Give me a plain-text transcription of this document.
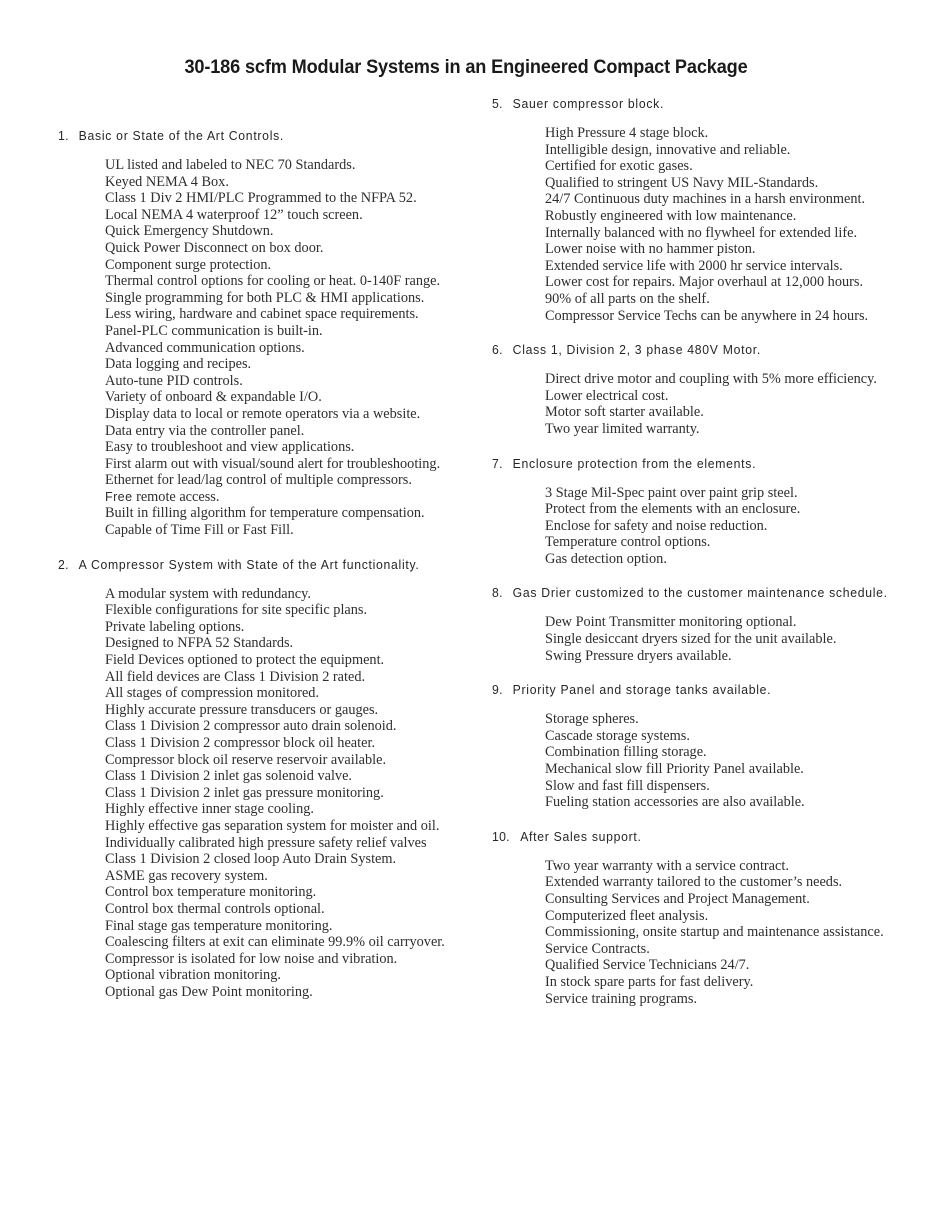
30-186 scfm Modular Systems in an Engineered Compact Package
1. Basic or State of the Art Controls.
UL listed and labeled to NEC 70 Standards.
Keyed NEMA 4 Box.
Class 1 Div 2 HMI/PLC Programmed to the NFPA 52.
Local NEMA 4 waterproof 12” touch screen.
Quick Emergency Shutdown.
Quick Power Disconnect on box door.
Component surge protection.
Thermal control options for cooling or heat. 0-140F range.
Single programming for both PLC & HMI applications.
Less wiring, hardware and cabinet space requirements.
Panel-PLC communication is built-in.
Advanced communication options.
Data logging and recipes.
Auto-tune PID controls.
Variety of onboard & expandable I/O.
Display data to local or remote operators via a website.
Data entry via the controller panel.
Easy to troubleshoot and view applications.
First alarm out with visual/sound alert for troubleshooting.
Ethernet for lead/lag control of multiple compressors.
Free remote access.
Built in filling algorithm for temperature compensation.
Capable of Time Fill or Fast Fill.
2. A Compressor System with State of the Art functionality.
A modular system with redundancy.
Flexible configurations for site specific plans.
Private labeling options.
Designed to NFPA 52 Standards.
Field Devices optioned to protect the equipment.
All field devices are Class 1 Division 2 rated.
All stages of compression monitored.
Highly accurate pressure transducers or gauges.
Class 1 Division 2 compressor auto drain solenoid.
Class 1 Division 2 compressor block oil heater.
Compressor block oil reserve reservoir available.
Class 1 Division 2 inlet gas solenoid valve.
Class 1 Division 2 inlet gas pressure monitoring.
Highly effective inner stage cooling.
Highly effective gas separation system for moister and oil.
Individually calibrated high pressure safety relief valves
Class 1 Division 2 closed loop Auto Drain System.
ASME gas recovery system.
Control box temperature monitoring.
Control box thermal controls optional.
Final stage gas temperature monitoring.
Coalescing filters at exit can eliminate 99.9% oil carryover.
Compressor is isolated for low noise and vibration.
Optional vibration monitoring.
Optional gas Dew Point monitoring.
5. Sauer compressor block.
High Pressure 4 stage block.
Intelligible design, innovative and reliable.
Certified for exotic gases.
Qualified to stringent US Navy MIL-Standards.
24/7 Continuous duty machines in a harsh environment.
Robustly engineered with low maintenance.
Internally balanced with no flywheel for extended life.
Lower noise with no hammer piston.
Extended service life with 2000 hr service intervals.
Lower cost for repairs. Major overhaul at 12,000 hours.
90% of all parts on the shelf.
Compressor Service Techs can be anywhere in 24 hours.
6. Class 1, Division 2, 3 phase 480V Motor.
Direct drive motor and coupling with 5% more efficiency.
Lower electrical cost.
Motor soft starter available.
Two year limited warranty.
7. Enclosure protection from the elements.
3 Stage Mil-Spec paint over paint grip steel.
Protect from the elements with an enclosure.
Enclose for safety and noise reduction.
Temperature control options.
Gas detection option.
8. Gas Drier customized to the customer maintenance schedule.
Dew Point Transmitter monitoring optional.
Single desiccant dryers sized for the unit available.
Swing Pressure dryers available.
9. Priority Panel and storage tanks available.
Storage spheres.
Cascade storage systems.
Combination filling storage.
Mechanical slow fill Priority Panel available.
Slow and fast fill dispensers.
Fueling station accessories are also available.
10. After Sales support.
Two year warranty with a service contract.
Extended warranty tailored to the customer’s needs.
Consulting Services and Project Management.
Computerized fleet analysis.
Commissioning, onsite startup and maintenance assistance.
Service Contracts.
Qualified Service Technicians 24/7.
In stock spare parts for fast delivery.
Service training programs.
